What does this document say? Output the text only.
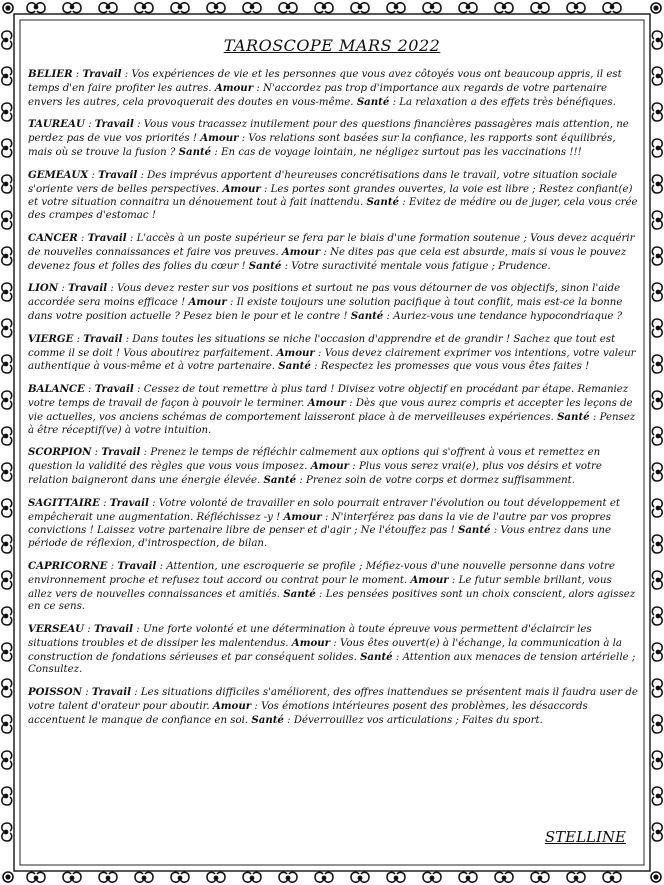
TAROSCOPE MARS 2022

BELIER : Travail : Vos expériences de vie et les personnes que vous avez côtoyés vous ont beaucoup appris, il est temps d'en faire profiter les autres. Amour : N'accordez pas trop d'importance aux regards de votre partenaire envers les autres, cela provoquerait des doutes en vous-même. Santé : La relaxation a des effets très bénéfiques.

TAUREAU : Travail : Vous vous tracassez inutilement pour des questions financières passagères mais attention, ne perdez pas de vue vos priorités ! Amour : Vos relations sont basées sur la confiance, les rapports sont équilibrés, mais où se trouve la fusion ? Santé : En cas de voyage lointain, ne négligez surtout pas les vaccinations !!!

GEMEAUX : Travail : Des imprévus apportent d'heureuses concrétisations dans le travail, votre situation sociale s'oriente vers de belles perspectives. Amour : Les portes sont grandes ouvertes, la voie est libre ; Restez confiant(e) et votre situation connaitra un dénouement tout à fait inattendu. Santé : Evitez de médire ou de juger, cela vous crée des crampes d'estomac !

CANCER : Travail : L'accès à un poste supérieur se fera par le biais d'une formation soutenue ; Vous devez acquérir de nouvelles connaissances et faire vos preuves. Amour : Ne dites pas que cela est absurde, mais si vous le pouvez devenez fous et folles des folies du cœur ! Santé : Votre suractivité mentale vous fatigue ; Prudence.

LION : Travail : Vous devez rester sur vos positions et surtout ne pas vous détourner de vos objectifs, sinon l'aide accordée sera moins efficace ! Amour : Il existe toujours une solution pacifique à tout conflit, mais est-ce la bonne dans votre position actuelle ? Pesez bien le pour et le contre ! Santé : Auriez-vous une tendance hypocondriaque ?

VIERGE : Travail : Dans toutes les situations se niche l'occasion d'apprendre et de grandir ! Sachez que tout est comme il se doit ! Vous aboutirez parfaitement. Amour : Vous devez clairement exprimer vos intentions, votre valeur authentique à vous-même et à votre partenaire. Santé : Respectez les promesses que vous vous êtes faites !

BALANCE : Travail : Cessez de tout remettre à plus tard ! Divisez votre objectif en procédant par étape. Remaniez votre temps de travail de façon à pouvoir le terminer. Amour : Dès que vous aurez compris et accepter les leçons de vie actuelles, vos anciens schémas de comportement laisseront place à de merveilleuses expériences. Santé : Pensez à être réceptif(ve) à votre intuition.

SCORPION : Travail : Prenez le temps de réfléchir calmement aux options qui s'offrent à vous et remettez en question la validité des règles que vous vous imposez. Amour : Plus vous serez vrai(e), plus vos désirs et votre relation baigneront dans une énergie élevée. Santé : Prenez soin de votre corps et dormez suffisamment.

SAGITTAIRE : Travail : Votre volonté de travailler en solo pourrait entraver l'évolution ou tout développement et empêcherait une augmentation. Réfléchissez -y ! Amour : N'interférez pas dans la vie de l'autre par vos propres convictions ! Laissez votre partenaire libre de penser et d'agir ; Ne l'étouffez pas ! Santé : Vous entrez dans une période de réflexion, d'introspection, de bilan.

CAPRICORNE : Travail : Attention, une escroquerie se profile ; Méfiez-vous d'une nouvelle personne dans votre environnement proche et refusez tout accord ou contrat pour le moment. Amour : Le futur semble brillant, vous allez vers de nouvelles connaissances et amitiés. Santé : Les pensées positives sont un choix conscient, alors agissez en ce sens.

VERSEAU : Travail : Une forte volonté et une détermination à toute épreuve vous permettent d'éclaircir les situations troubles et de dissiper les malentendus. Amour : Vous êtes ouvert(e) à l'échange, la communication à la construction de fondations sérieuses et par conséquent solides. Santé : Attention aux menaces de tension artérielle ; Consultez.

POISSON : Travail : Les situations difficiles s'améliorent, des offres inattendues se présentent mais il faudra user de votre talent d'orateur pour aboutir. Amour : Vos émotions intérieures posent des problèmes, les désaccords accentuent le manque de confiance en soi. Santé : Déverrouillez vos articulations ; Faites du sport.

STELLINE
